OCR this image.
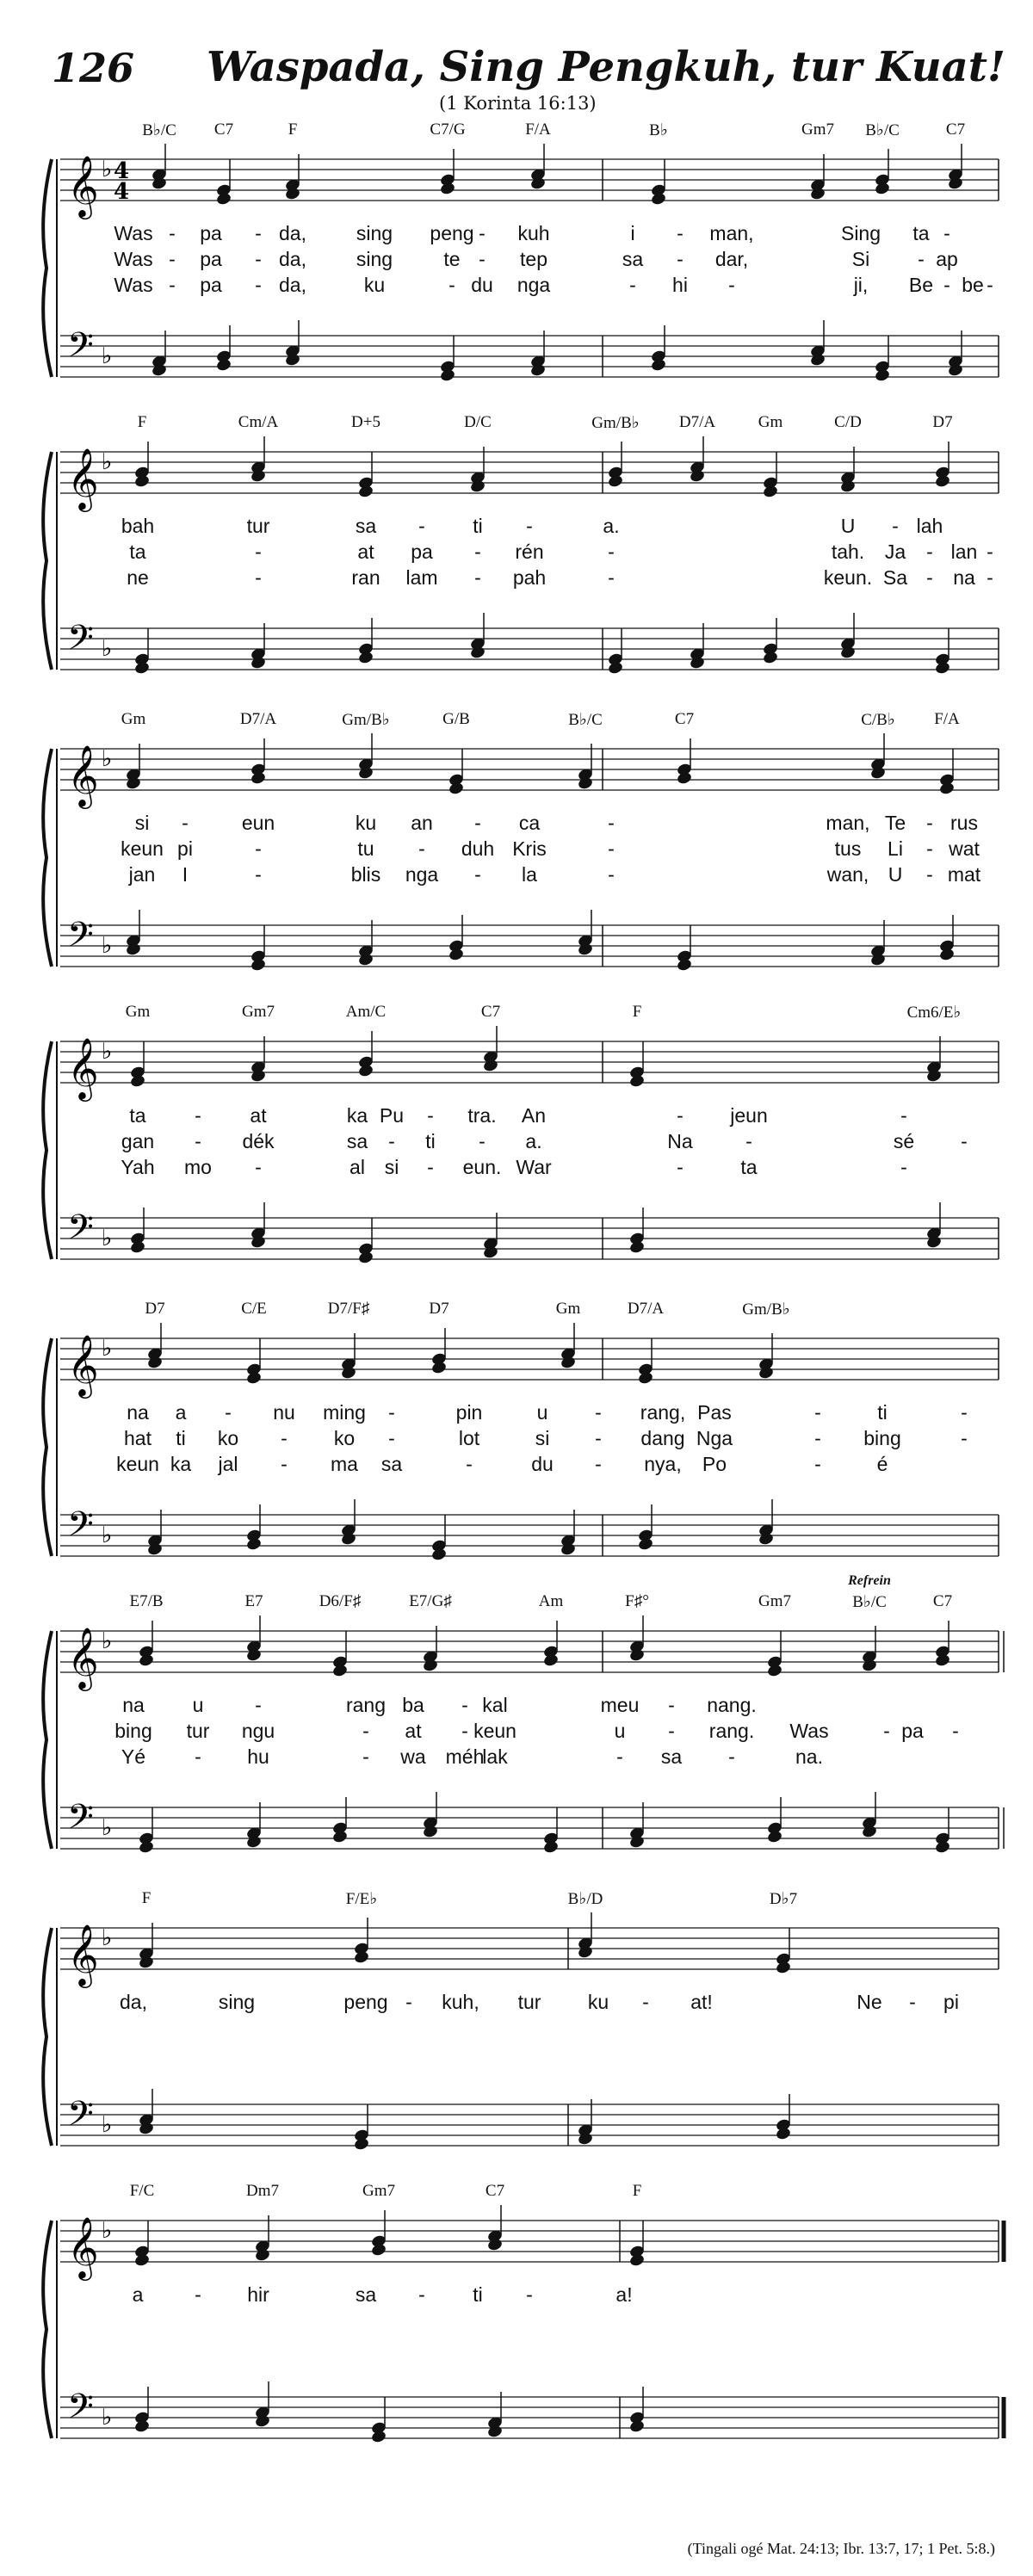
126 Waspada, Sing Pengkuh, tur Kuat!
(1 Korinta 16:13)
𝄞 ♭
𝄢 ♭
4
4
B♭/C C7	F	C7/G	F/A	B♭	Gm7 B♭/C	C7
Was - pa - da,	sing peng - kuh	i - man,	Sing ta -
Was - pa - da,	sing	te - tep	sa - dar,	Si - ap
Was - pa - da,	ku	- du nga	- hi -	ji, Be - be -
𝄞 ♭
𝄢 ♭
F	Cm/A	D+5	D/C	Gm/B♭ D7/A	Gm	C/D	D7
bah	tur	sa - ti -	a.	U - lah
ta	-	at pa - rén	-	tah. Ja - lan -
ne	-	ran lam - pah	-	keun. Sa - na -
𝄞 ♭
𝄢 ♭
Gm	D7/A	Gm/B♭	G/B	B♭/C	C7	C/B♭ F/A
si -	eun	ku an - ca	-	man, Te - rus
keun pi	-	tu - duh Kris	-	tus Li - wat
jan I	-	blis nga - la	-	wan, U - mat
𝄞 ♭
𝄢 ♭
Gm	Gm7	Am/C	C7	F	Cm6/E♭
ta - at	ka Pu - tra. An	- jeun	-
gan - dék	sa - ti - a.	Na	-	sé -
Yah mo -	al si - eun. War	-	ta	-
𝄞 ♭
𝄢 ♭
D7	C/E	D7/F♯	D7	Gm	D7/A	Gm/B♭
na a - nu ming -	pin	u - rang, Pas	-	ti	-
hat ti ko - ko -	lot	si - dang Nga	- bing	-
keun ka jal - ma sa	-	du - nya, Po	-	é
𝄞 ♭
𝄢 ♭
E7/B	E7	D6/F♯	E7/G♯	Am	F♯°	Gm7	B♭/C	C7
Refrein
na u	-	rang ba - kal	meu - nang.
bing tur ngu	- at - keun	u - rang. Was	- pa -
Yé - hu	- wa méh
lak	- sa -	na.
𝄞 ♭
𝄢 ♭
F	F/E♭	B♭/D	D♭7
da,	sing	peng - kuh, tur ku - at!	Ne - pi
𝄞 ♭
𝄢 ♭
F/C	Dm7	Gm7	C7	F
a	- hir	sa - ti -	a!
(Tingali ogé Mat. 24:13; Ibr. 13:7, 17; 1 Pet. 5:8.)
